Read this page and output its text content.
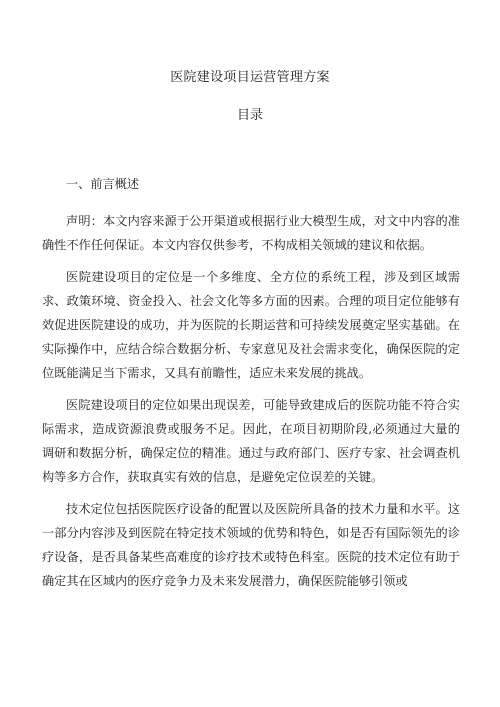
医院建设项目运营管理方案
目录

一、前言概述

声明：本文内容来源于公开渠道或根据行业大模型生成，对文中内容的准确性不作任何保证。本文内容仅供参考，不构成相关领域的建议和依据。

医院建设项目的定位是一个多维度、全方位的系统工程，涉及到区域需求、政策环境、资金投入、社会文化等多方面的因素。合理的项目定位能够有效促进医院建设的成功，并为医院的长期运营和可持续发展奠定坚实基础。在实际操作中，应结合综合数据分析、专家意见及社会需求变化，确保医院的定位既能满足当下需求，又具有前瞻性，适应未来发展的挑战。

医院建设项目的定位如果出现误差，可能导致建成后的医院功能不符合实际需求，造成资源浪费或服务不足。因此，在项目初期阶段,必须通过大量的调研和数据分析，确保定位的精准。通过与政府部门、医疗专家、社会调查机构等多方合作，获取真实有效的信息，是避免定位误差的关键。

技术定位包括医院医疗设备的配置以及医院所具备的技术力量和水平。这一部分内容涉及到医院在特定技术领域的优势和特色，如是否有国际领先的诊疗设备，是否具备某些高难度的诊疗技术或特色科室。医院的技术定位有助于确定其在区域内的医疗竞争力及未来发展潜力，确保医院能够引领或
